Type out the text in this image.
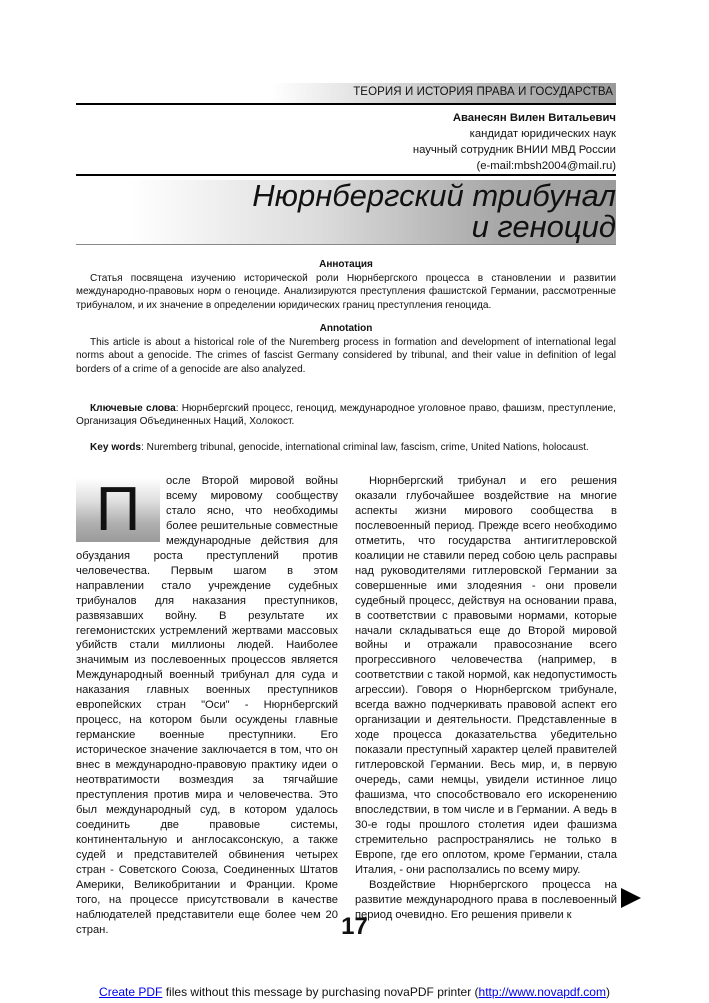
ТЕОРИЯ И ИСТОРИЯ ПРАВА И ГОСУДАРСТВА
Аванесян Вилен Витальевич
кандидат юридических наук
научный сотрудник ВНИИ МВД России
(e-mail:mbsh2004@mail.ru)
Нюрнбергский трибунал
и геноцид
Аннотация
Статья посвящена изучению исторической роли Нюрнбергского процесса в становлении и развитии международно-правовых норм о геноциде. Анализируются преступления фашистской Германии, рассмотренные трибуналом, и их значение в определении юридических границ преступления геноцида.
Annotation
This article is about a historical role of the Nuremberg process in formation and development of international legal norms about a genocide. The crimes of fascist Germany considered by tribunal, and their value in definition of legal borders of a crime of a genocide are also analyzed.
Ключевые слова: Нюрнбергский процесс, геноцид, международное уголовное право, фашизм, преступление, Организация Объединенных Наций, Холокост.
Key words: Nuremberg tribunal, genocide, international criminal law, fascism, crime, United Nations, holocaust.
П	осле Второй мировой войны всему мировому сообществу стало ясно, что необходимы более решительные совместные международные действия для обуздания роста преступлений против человечества. Первым шагом в этом направлении стало учреждение судебных трибуналов для наказания преступников, развязавших войну. В результате их гегемонистских устремлений жертвами массовых убийств стали миллионы людей. Наиболее значимым из послевоенных процессов является Международный военный трибунал для суда и наказания главных военных преступников европейских стран "Оси" - Нюрнбергский процесс, на котором были осуждены главные германские военные преступники. Его историческое значение заключается в том, что он внес в международно-правовую практику идеи о неотвратимости возмездия за тягчайшие преступления против мира и человечества. Это был международный суд, в котором удалось соединить две правовые системы, континентальную и англосаксонскую, а также судей и представителей обвинения четырех стран - Советского Союза, Соединенных Штатов Америки, Великобритании и Франции. Кроме того, на процессе присутствовали в качестве наблюдателей представители еще более чем 20 стран.

Нюрнбергский трибунал и его решения оказали глубочайшее воздействие на многие аспекты жизни мирового сообщества в послевоенный период. Прежде всего необходимо отметить, что государства антигитлеровской коалиции не ставили перед собою цель расправы над руководителями гитлеровской Германии за совершенные ими злодеяния - они провели судебный процесс, действуя на основании права, в соответствии с правовыми нормами, которые начали складываться еще до Второй мировой войны и отражали правосознание всего прогрессивного человечества (например, в соответствии с такой нормой, как недопустимость агрессии). Говоря о Нюрнбергском трибунале, всегда важно подчеркивать правовой аспект его организации и деятельности. Представленные в ходе процесса доказательства убедительно показали преступный характер целей правителей гитлеровской Германии. Весь мир, и, в первую очередь, сами немцы, увидели истинное лицо фашизма, что способствовало его искоренению впоследствии, в том числе и в Германии. А ведь в 30-е годы прошлого столетия идеи фашизма стремительно распространялись не только в Европе, где его оплотом, кроме Германии, стала Италия, - они расползались по всему миру.

Воздействие Нюрнбергского процесса на развитие международного права в послевоенный период очевидно. Его решения привели к

17
Create PDF files without this message by purchasing novaPDF printer (http://www.novapdf.com)
